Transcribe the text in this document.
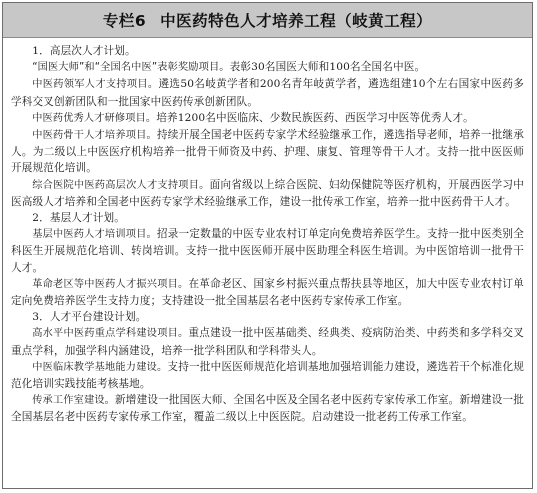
专栏6 中医药特色人才培养工程（岐黄工程）

1．高层次人才计划。

“国医大师”和“全国名中医”表彰奖励项目。表彰30名国医大师和100名全国名中医。

中医药领军人才支持项目。遴选50名岐黄学者和200名青年岐黄学者，遴选组建10个左右国家中医药多学科交叉创新团队和一批国家中医药传承创新团队。

中医药优秀人才研修项目。培养1200名中医临床、少数民族医药、西医学习中医等优秀人才。

中医药骨干人才培养项目。持续开展全国老中医药专家学术经验继承工作，遴选指导老师，培养一批继承人。为二级以上中医医疗机构培养一批骨干师资及中药、护理、康复、管理等骨干人才。支持一批中医医师开展规范化培训。

综合医院中医药高层次人才支持项目。面向省级以上综合医院、妇幼保健院等医疗机构，开展西医学习中医高级人才培养和全国老中医药专家学术经验继承工作，建设一批传承工作室，培养一批中医药骨干人才。

2．基层人才计划。

基层中医药人才培训项目。招录一定数量的中医专业农村订单定向免费培养医学生。支持一批中医类别全科医生开展规范化培训、转岗培训。支持一批中医医师开展中医助理全科医生培训。为中医馆培训一批骨干人才。

革命老区等中医药人才振兴项目。在革命老区、国家乡村振兴重点帮扶县等地区，加大中医专业农村订单定向免费培养医学生支持力度；支持建设一批全国基层名老中医药专家传承工作室。

3．人才平台建设计划。

高水平中医药重点学科建设项目。重点建设一批中医基础类、经典类、疫病防治类、中药类和多学科交叉重点学科，加强学科内涵建设，培养一批学科团队和学科带头人。

中医临床教学基地能力建设。支持一批中医医师规范化培训基地加强培训能力建设，遴选若干个标准化规范化培训实践技能考核基地。

传承工作室建设。新增建设一批国医大师、全国名中医及全国名老中医药专家传承工作室。新增建设一批全国基层名老中医药专家传承工作室，覆盖二级以上中医医院。启动建设一批老药工传承工作室。
